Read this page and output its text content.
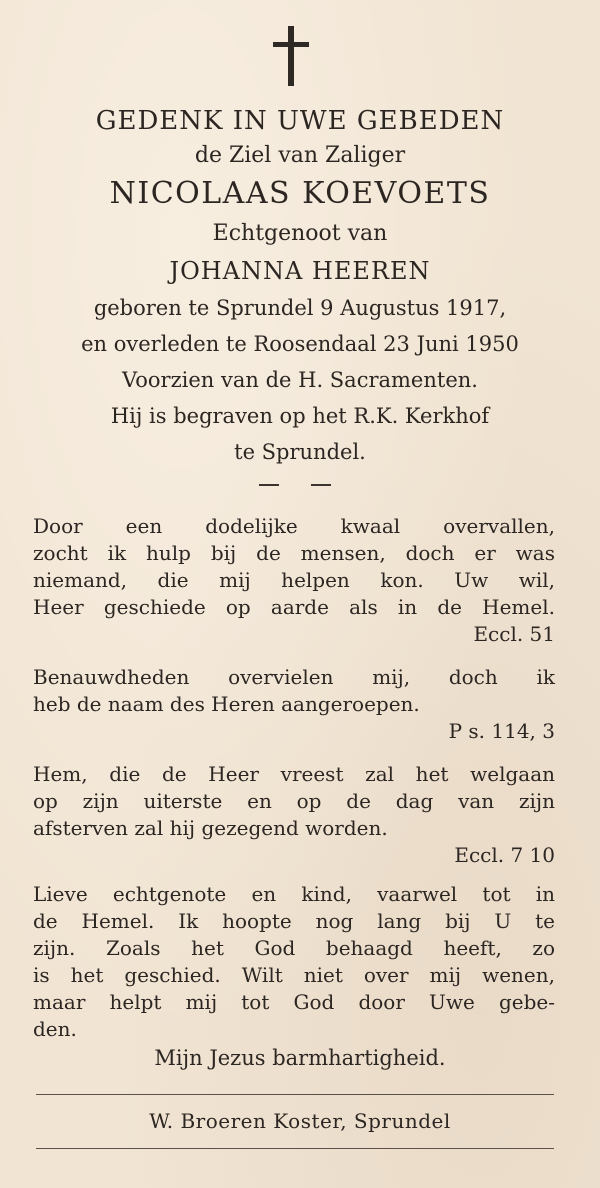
GEDENK IN UWE GEBEDEN
de Ziel van Zaliger
NICOLAAS KOEVOETS
Echtgenoot van
JOHANNA HEEREN
geboren te Sprundel 9 Augustus 1917,
en overleden te Roosendaal 23 Juni 1950
Voorzien van de H. Sacramenten.
Hij is begraven op het R.K. Kerkhof
te Sprundel.
Door een dodelijke kwaal overvallen,
zocht ik hulp bij de mensen, doch er was
niemand, die mij helpen kon. Uw wil,
Heer geschiede op aarde als in de Hemel.
Eccl. 51
Benauwdheden overvielen mij, doch ik
heb de naam des Heren aangeroepen.
P s. 114, 3
Hem, die de Heer vreest zal het welgaan
op zijn uiterste en op de dag van zijn
afsterven zal hij gezegend worden.
Eccl. 7 10
Lieve echtgenote en kind, vaarwel tot in
de Hemel. Ik hoopte nog lang bij U te
zijn. Zoals het God behaagd heeft, zo
is het geschied. Wilt niet over mij wenen,
maar helpt mij tot God door Uwe gebe-
den.
Mijn Jezus barmhartigheid.
W. Broeren Koster, Sprundel
